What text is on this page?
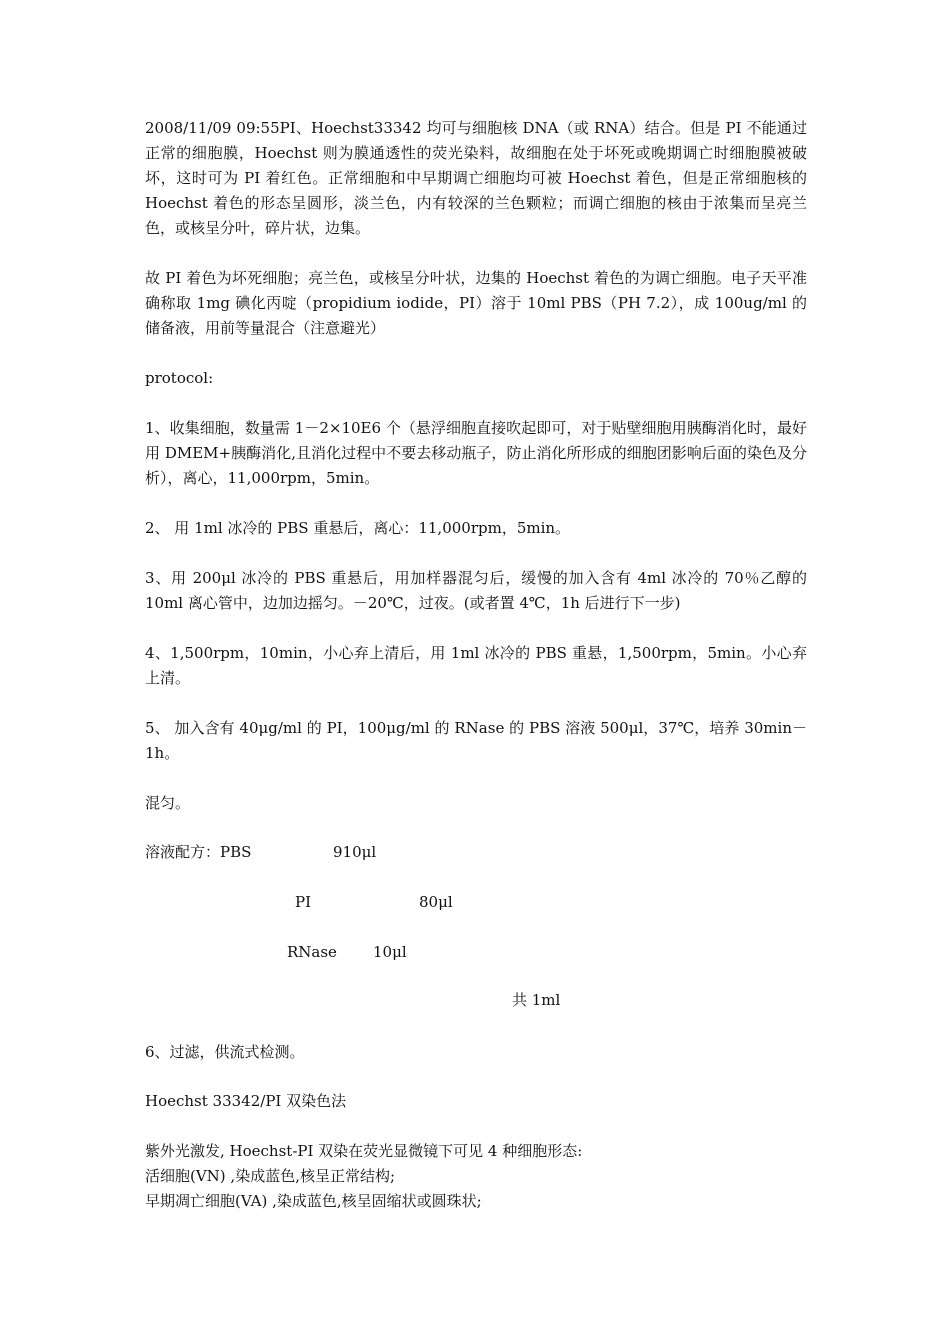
2008/11/09 09:55PI、Hoechst33342 均可与细胞核 DNA（或 RNA）结合。但是 PI 不能通过正常的细胞膜，Hoechst 则为膜通透性的荧光染料，故细胞在处于坏死或晚期调亡时细胞膜被破坏，这时可为 PI 着红色。正常细胞和中早期调亡细胞均可被 Hoechst 着色，但是正常细胞核的 Hoechst 着色的形态呈圆形，淡兰色，内有较深的兰色颗粒；而调亡细胞的核由于浓集而呈亮兰色，或核呈分叶，碎片状，边集。

故 PI 着色为坏死细胞；亮兰色，或核呈分叶状，边集的 Hoechst 着色的为调亡细胞。电子天平准确称取 1mg 碘化丙啶（propidium iodide，PI）溶于 10ml PBS（PH 7.2），成 100ug/ml 的储备液，用前等量混合（注意避光）

protocol:

1、收集细胞，数量需 1－2×10E6 个（悬浮细胞直接吹起即可，对于贴壁细胞用胰酶消化时，最好用 DMEM+胰酶消化,且消化过程中不要去移动瓶子，防止消化所形成的细胞团影响后面的染色及分析），离心，11,000rpm，5min。

2、 用 1ml 冰冷的 PBS 重悬后，离心：11,000rpm，5min。

3、用 200μl 冰冷的 PBS 重悬后，用加样器混匀后，缓慢的加入含有 4ml 冰冷的 70％乙醇的 10ml 离心管中，边加边摇匀。－20℃，过夜。(或者置 4℃，1h 后进行下一步)

4、1,500rpm，10min，小心弃上清后，用 1ml 冰冷的 PBS 重悬，1,500rpm，5min。小心弃上清。

5、 加入含有 40μg/ml 的 PI，100μg/ml 的 RNase 的 PBS 溶液 500μl，37℃，培养 30min－1h。

混匀。

溶液配方：PBS	910μl

PI	80μl

RNase 10μl

共 1ml

6、过滤，供流式检测。

Hoechst 33342/PI 双染色法

紫外光激发, Hoechst-PI 双染在荧光显微镜下可见 4 种细胞形态:

活细胞(VN) ,染成蓝色,核呈正常结构;

早期凋亡细胞(VA) ,染成蓝色,核呈固缩状或圆珠状;
